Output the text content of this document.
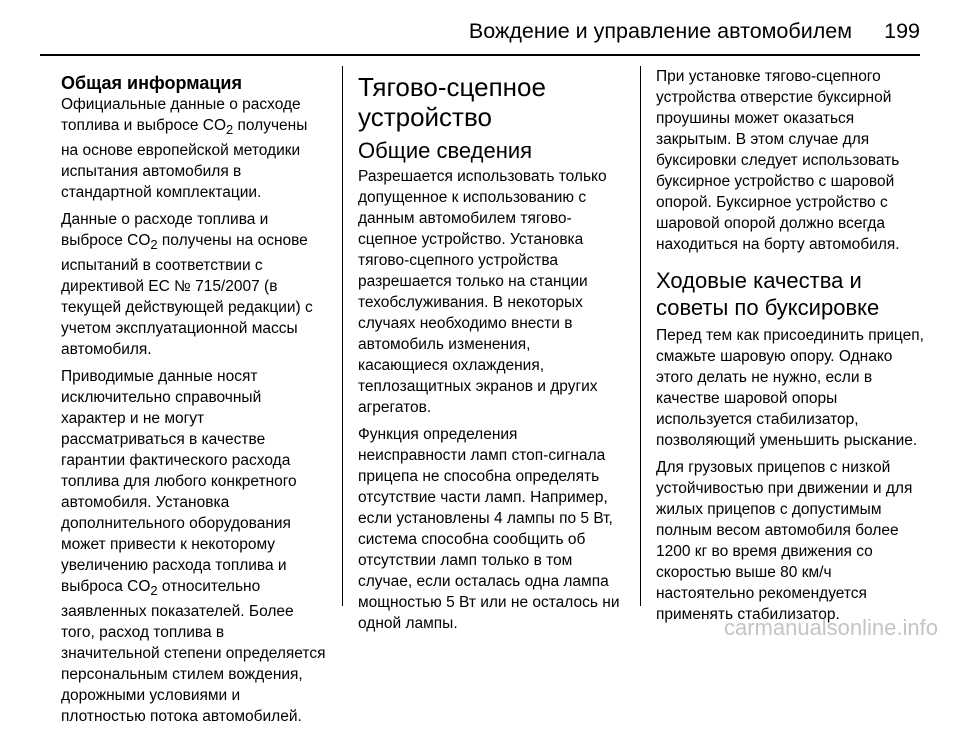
Вождение и управление автомобилем 199
Общая информация

Официальные данные о расходе топлива и выбросе $CO_2$ получены на основе европейской методики испытания автомобиля в стандартной комплектации.

Данные о расходе топлива и выбросе $CO_2$ получены на основе испытаний в соответствии с директивой ЕС № 715/2007 (в текущей действующей редакции) с учетом эксплуатационной массы автомобиля.

Приводимые данные носят исключительно справочный характер и не могут рассматриваться в качестве гарантии фактического расхода топлива для любого конкретного автомобиля. Установка дополнительного оборудования может привести к некоторому увеличению расхода топлива и выброса $CO_2$ относительно заявленных показателей. Более того, расход топлива в значительной степени определяется персональным стилем вождения, дорожными условиями и плотностью потока автомобилей.

Тягово-сцепное устройство
Общие сведения

Разрешается использовать только допущенное к использованию с данным автомобилем тягово-сцепное устройство. Установка тягово-сцепного устройства разрешается только на станции техобслуживания. В некоторых случаях необходимо внести в автомобиль изменения, касающиеся охлаждения, теплозащитных экранов и других агрегатов.

Функция определения неисправности ламп стоп-сигнала прицепа не способна определять отсутствие части ламп. Например, если установлены 4 лампы по 5 Вт, система способна сообщить об отсутствии ламп только в том случае, если осталась одна лампа мощностью 5 Вт или не осталось ни одной лампы.

При установке тягово-сцепного устройства отверстие буксирной проушины может оказаться закрытым. В этом случае для буксировки следует использовать буксирное устройство с шаровой опорой. Буксирное устройство с шаровой опорой должно всегда находиться на борту автомобиля.

Ходовые качества и советы по буксировке

Перед тем как присоединить прицеп, смажьте шаровую опору. Однако этого делать не нужно, если в качестве шаровой опоры используется стабилизатор, позволяющий уменьшить рыскание.

Для грузовых прицепов с низкой устойчивостью при движении и для жилых прицепов с допустимым полным весом автомобиля более 1200 кг во время движения со скоростью выше 80 км/ч настоятельно рекомендуется применять стабилизатор.

carmanualsonline.info
